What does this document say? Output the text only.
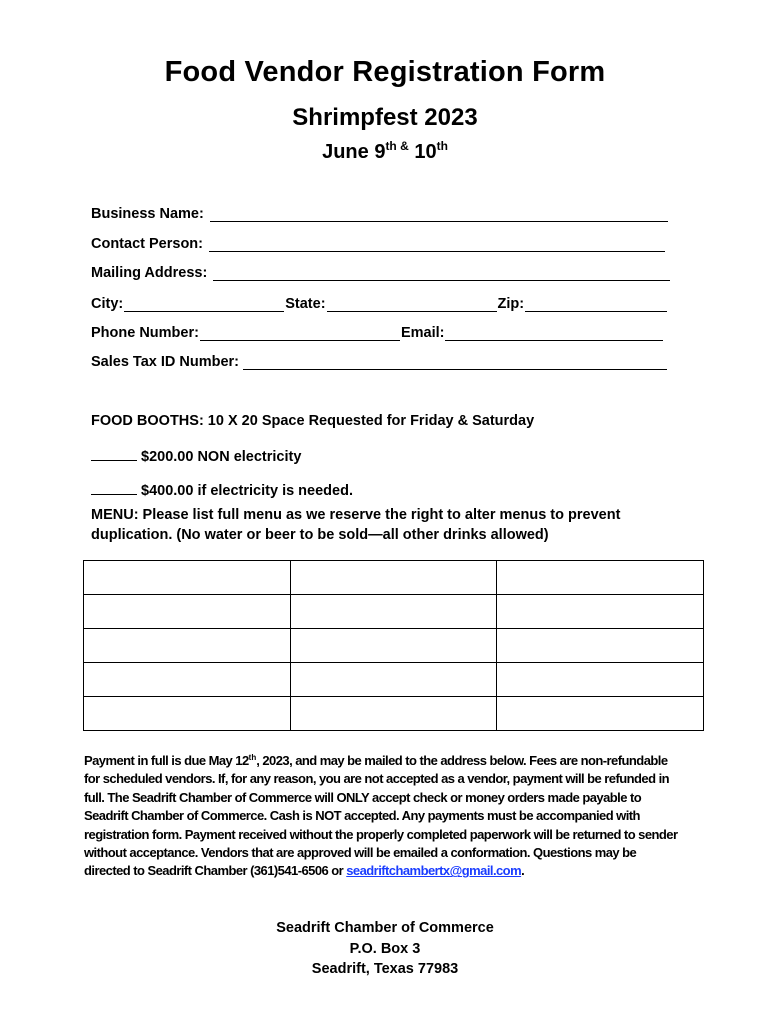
Food Vendor Registration Form
Shrimpfest 2023
June $9^{th \&}$ 10th
Business Name:
Contact Person:
Mailing Address:
City:	State:	Zip:
Phone Number:	Email:
Sales Tax ID Number:
FOOD BOOTHS: 10 X 20 Space Requested for Friday & Saturday
$200.00 NON electricity
$400.00 if electricity is needed.
MENU: Please list full menu as we reserve the right to alter menus to prevent
duplication. (No water or beer to be sold—all other drinks allowed)

Payment in full is due May 12th, 2023, and may be mailed to the address below. Fees are non-refundable for scheduled vendors. If, for any reason, you are not accepted as a vendor, payment will be refunded in full. The Seadrift Chamber of Commerce will ONLY accept check or money orders made payable to Seadrift Chamber of Commerce. Cash is NOT accepted. Any payments must be accompanied with registration form. Payment received without the properly completed paperwork will be returned to sender without acceptance. Vendors that are approved will be emailed a conformation. Questions may be directed to Seadrift Chamber (361)541-6506 or seadriftchambertx@gmail.com.
Seadrift Chamber of Commerce
P.O. Box 3
Seadrift, Texas 77983
